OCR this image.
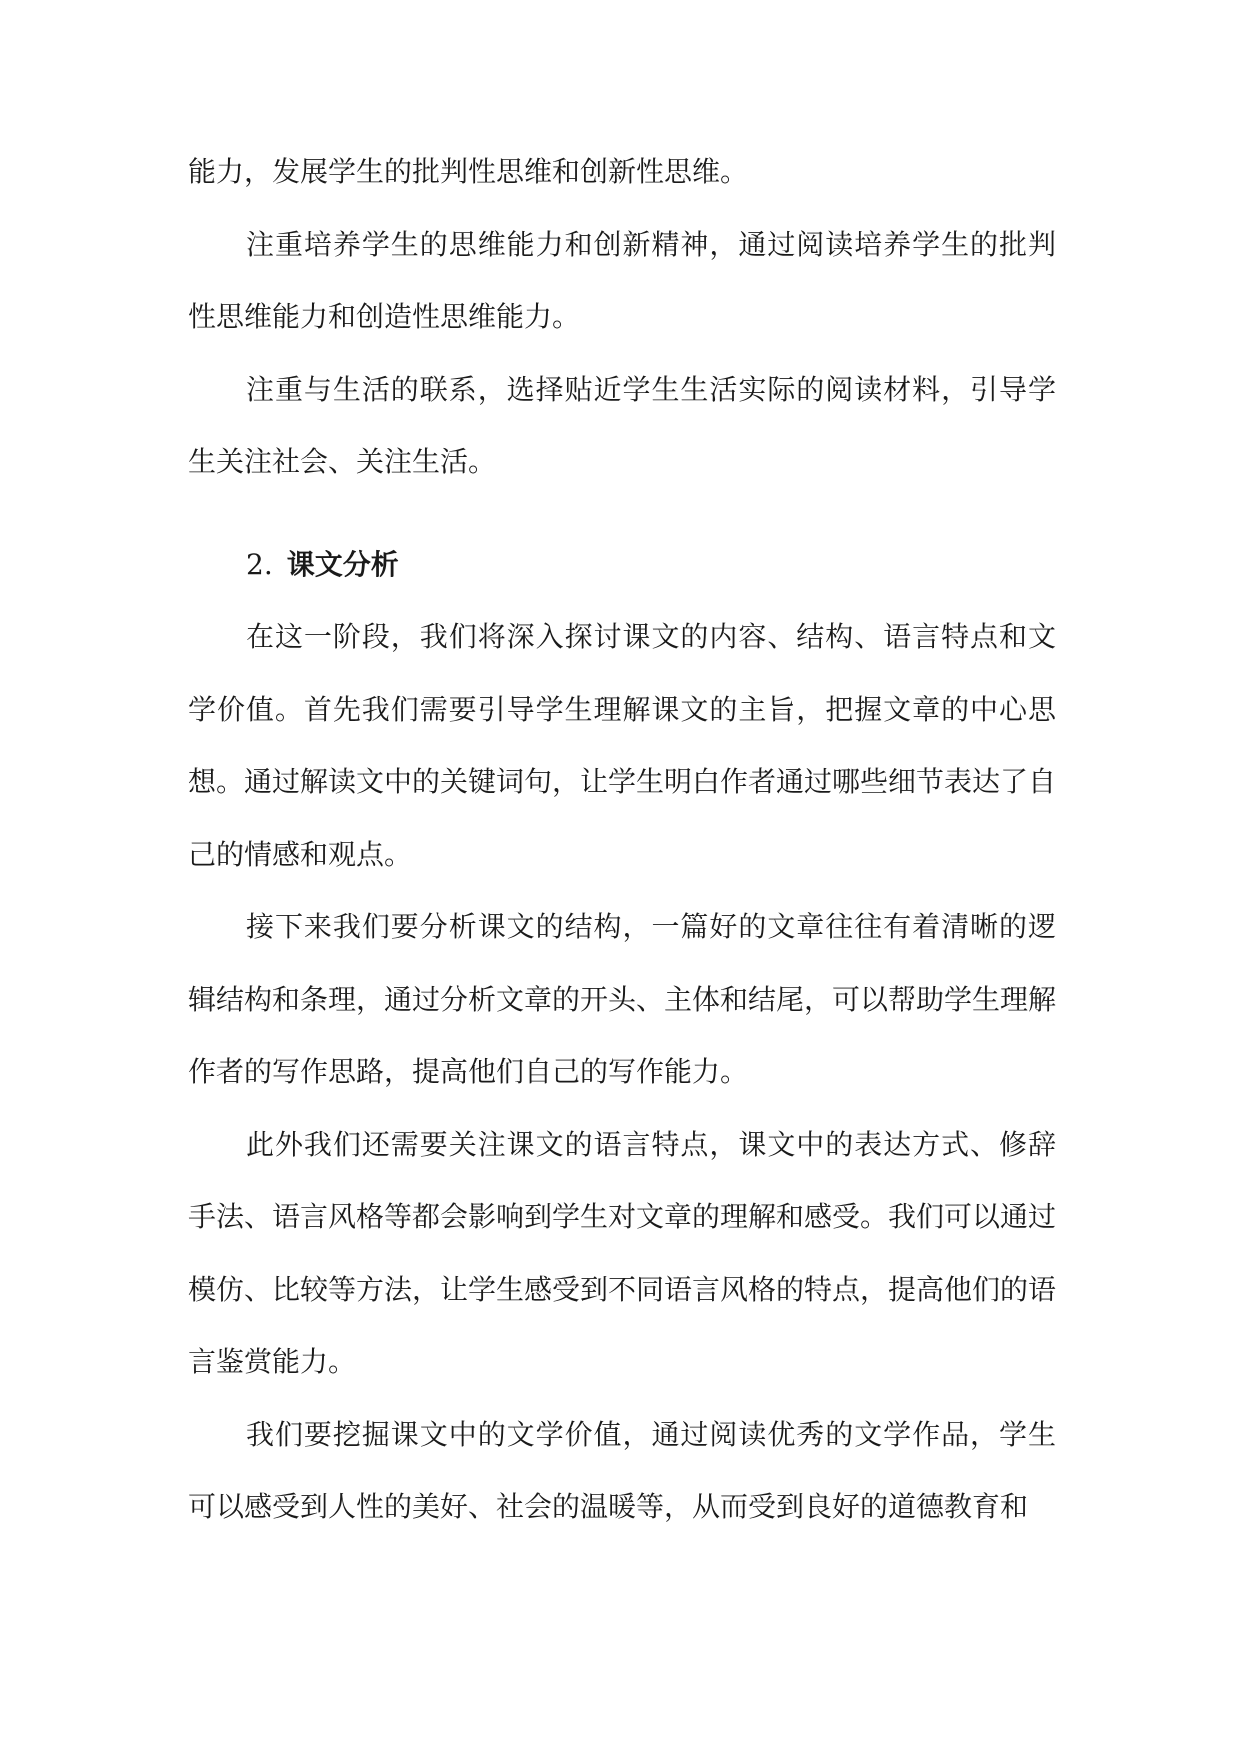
能力，发展学生的批判性思维和创新性思维。

注重培养学生的思维能力和创新精神，通过阅读培养学生的批判性思维能力和创造性思维能力。

注重与生活的联系，选择贴近学生生活实际的阅读材料，引导学生关注社会、关注生活。

2. 课文分析

在这一阶段，我们将深入探讨课文的内容、结构、语言特点和文学价值。首先我们需要引导学生理解课文的主旨，把握文章的中心思想。通过解读文中的关键词句，让学生明白作者通过哪些细节表达了自己的情感和观点。

接下来我们要分析课文的结构，一篇好的文章往往有着清晰的逻辑结构和条理，通过分析文章的开头、主体和结尾，可以帮助学生理解作者的写作思路，提高他们自己的写作能力。

此外我们还需要关注课文的语言特点，课文中的表达方式、修辞手法、语言风格等都会影响到学生对文章的理解和感受。我们可以通过模仿、比较等方法，让学生感受到不同语言风格的特点，提高他们的语言鉴赏能力。

我们要挖掘课文中的文学价值，通过阅读优秀的文学作品，学生可以感受到人性的美好、社会的温暖等，从而受到良好的道德教育和
